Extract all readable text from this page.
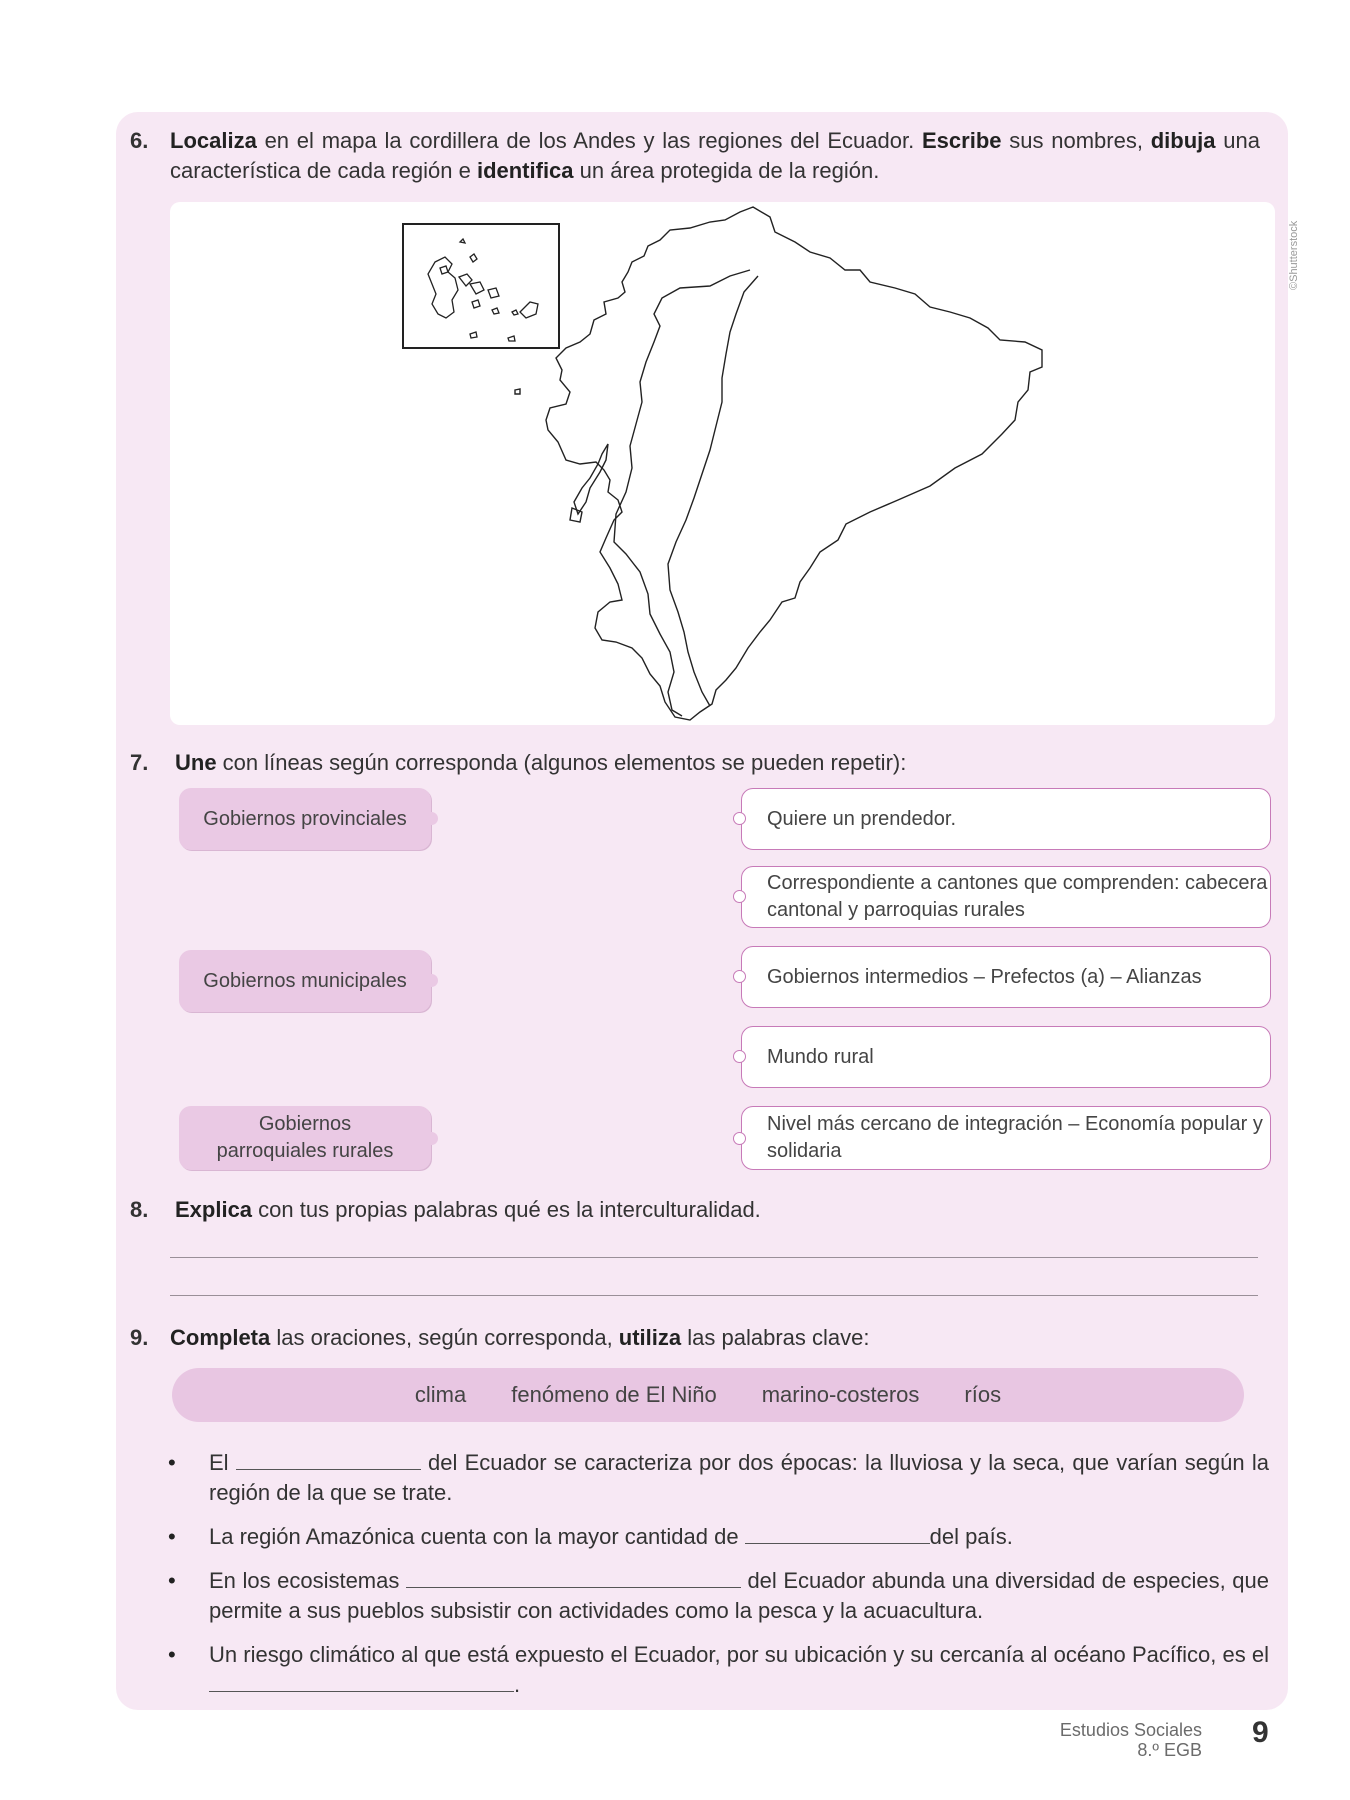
6. Localiza en el mapa la cordillera de los Andes y las regiones del Ecuador. Escribe sus nombres, dibuja una característica de cada región e identifica un área protegida de la región.
©Shutterstock
7. Une con líneas según corresponda (algunos elementos se pueden repetir):
Gobiernos provinciales
Gobiernos municipales
Gobiernos
parroquiales rurales
Quiere un prendedor.
Correspondiente a cantones que comprenden: cabecera cantonal y parroquias rurales
Gobiernos intermedios – Prefectos (a) – Alianzas
Mundo rural
Nivel más cercano de integración – Economía popular y solidaria
8. Explica con tus propias palabras qué es la interculturalidad.
9. Completa las oraciones, según corresponda, utiliza las palabras clave:
clima fenómeno de El Niño marino-costeros ríos
• El	del Ecuador se caracteriza por dos épocas: la lluviosa y la seca, que varían según la región de la que se trate.
• La región Amazónica cuenta con la mayor cantidad de	del país.
• En los ecosistemas	del Ecuador abunda una diversidad de especies, que permite a sus pueblos subsistir con actividades como la pesca y la acuacultura.
• Un riesgo climático al que está expuesto el Ecuador, por su ubicación y su cercanía al océano Pacífico, es el .
Estudios Sociales
8.º EGB
9
